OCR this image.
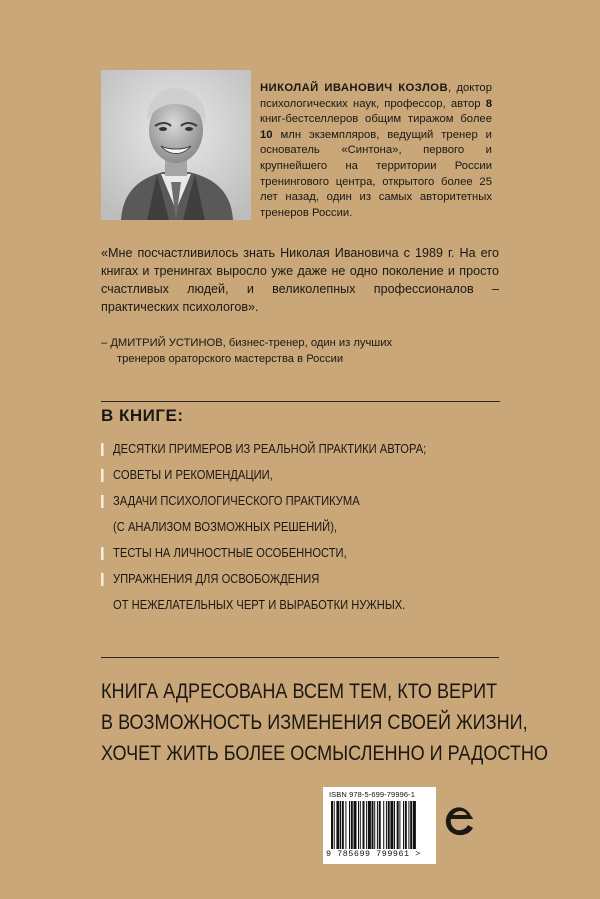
НИКОЛАЙ ИВАНОВИЧ КОЗЛОВ, доктор психологических наук, профессор, автор 8 книг-бестселлеров общим тиражом более 10 млн экземпляров, ведущий тренер и основатель «Синтона», первого и крупнейшего на территории России тренингового центра, открытого более 25 лет назад, один из самых авторитетных тренеров России.
«Мне посчастливилось знать Николая Ивановича с 1989 г. На его книгах и тренингах выросло уже даже не одно поколение и просто счастливых людей, и великолепных профессионалов – практических психологов».
– ДМИТРИЙ УСТИНОВ, бизнес-тренер, один из лучших
тренеров ораторского мастерства в России
В КНИГЕ:
ДЕСЯТКИ ПРИМЕРОВ ИЗ РЕАЛЬНОЙ ПРАКТИКИ АВТОРА;
СОВЕТЫ И РЕКОМЕНДАЦИИ,
ЗАДАЧИ ПСИХОЛОГИЧЕСКОГО ПРАКТИКУМА
(С АНАЛИЗОМ ВОЗМОЖНЫХ РЕШЕНИЙ),
ТЕСТЫ НА ЛИЧНОСТНЫЕ ОСОБЕННОСТИ,
УПРАЖНЕНИЯ ДЛЯ ОСВОБОЖДЕНИЯ
ОТ НЕЖЕЛАТЕЛЬНЫХ ЧЕРТ И ВЫРАБОТКИ НУЖНЫХ.
КНИГА АДРЕСОВАНА ВСЕМ ТЕМ, КТО ВЕРИТ
В ВОЗМОЖНОСТЬ ИЗМЕНЕНИЯ СВОЕЙ ЖИЗНИ,
ХОЧЕТ ЖИТЬ БОЛЕЕ ОСМЫСЛЕННО И РАДОСТНО
ISBN 978-5-699-79996-1
9 785699 799961 >
